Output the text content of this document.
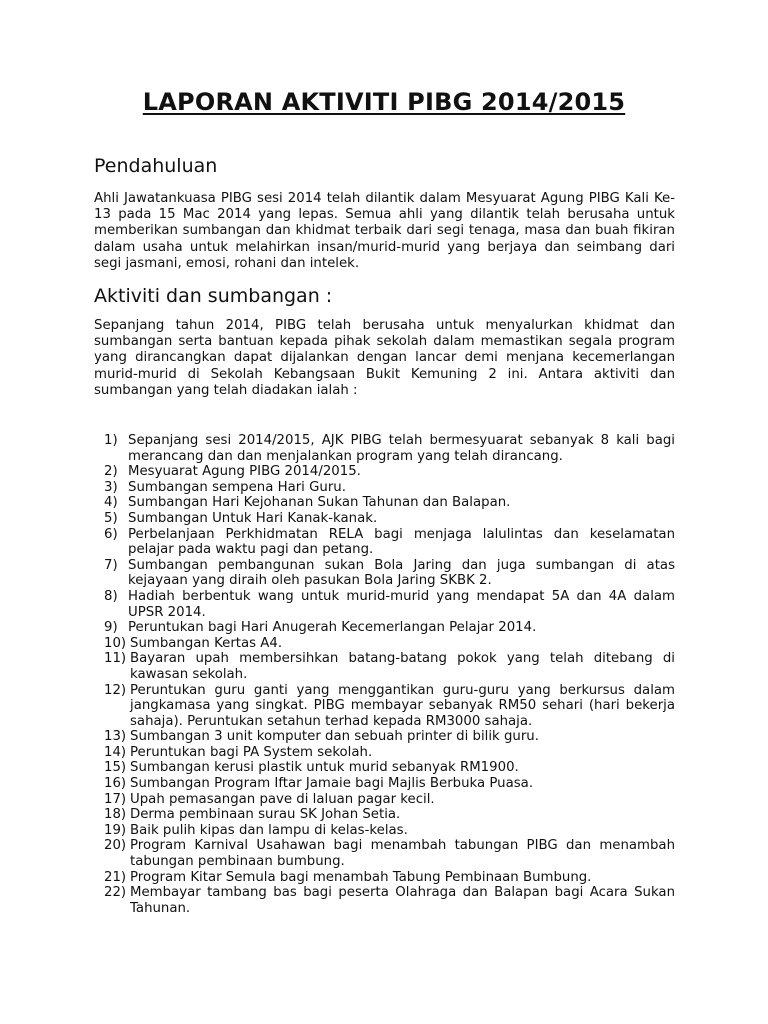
LAPORAN AKTIVITI PIBG 2014/2015
Pendahuluan

Ahli Jawatankuasa PIBG sesi 2014 telah dilantik dalam Mesyuarat Agung PIBG Kali Ke-13 pada 15 Mac 2014 yang lepas. Semua ahli yang dilantik telah berusaha untuk memberikan sumbangan dan khidmat terbaik dari segi tenaga, masa dan buah fikiran dalam usaha untuk melahirkan insan/murid-murid yang berjaya dan seimbang dari segi jasmani, emosi, rohani dan intelek.

Aktiviti dan sumbangan :

Sepanjang tahun 2014, PIBG telah berusaha untuk menyalurkan khidmat dan sumbangan serta bantuan kepada pihak sekolah dalam memastikan segala program yang dirancangkan dapat dijalankan dengan lancar demi menjana kecemerlangan murid-murid di Sekolah Kebangsaan Bukit Kemuning 2 ini. Antara aktiviti dan sumbangan yang telah diadakan ialah :

1) Sepanjang sesi 2014/2015, AJK PIBG telah bermesyuarat sebanyak 8 kali bagi merancang dan dan menjalankan program yang telah dirancang.
2) Mesyuarat Agung PIBG 2014/2015.
3) Sumbangan sempena Hari Guru.
4) Sumbangan Hari Kejohanan Sukan Tahunan dan Balapan.
5) Sumbangan Untuk Hari Kanak-kanak.
6) Perbelanjaan Perkhidmatan RELA bagi menjaga lalulintas dan keselamatan pelajar pada waktu pagi dan petang.
7) Sumbangan pembangunan sukan Bola Jaring dan juga sumbangan di atas kejayaan yang diraih oleh pasukan Bola Jaring SKBK 2.
8) Hadiah berbentuk wang untuk murid-murid yang mendapat 5A dan 4A dalam UPSR 2014.
9) Peruntukan bagi Hari Anugerah Kecemerlangan Pelajar 2014.
10) Sumbangan Kertas A4.
11) Bayaran upah membersihkan batang-batang pokok yang telah ditebang di kawasan sekolah.
12) Peruntukan guru ganti yang menggantikan guru-guru yang berkursus dalam jangkamasa yang singkat. PIBG membayar sebanyak RM50 sehari (hari bekerja sahaja). Peruntukan setahun terhad kepada RM3000 sahaja.
13) Sumbangan 3 unit komputer dan sebuah printer di bilik guru.
14) Peruntukan bagi PA System sekolah.
15) Sumbangan kerusi plastik untuk murid sebanyak RM1900.
16) Sumbangan Program Iftar Jamaie bagi Majlis Berbuka Puasa.
17) Upah pemasangan pave di laluan pagar kecil.
18) Derma pembinaan surau SK Johan Setia.
19) Baik pulih kipas dan lampu di kelas-kelas.
20) Program Karnival Usahawan bagi menambah tabungan PIBG dan menambah tabungan pembinaan bumbung.
21) Program Kitar Semula bagi menambah Tabung Pembinaan Bumbung.
22) Membayar tambang bas bagi peserta Olahraga dan Balapan bagi Acara Sukan Tahunan.
